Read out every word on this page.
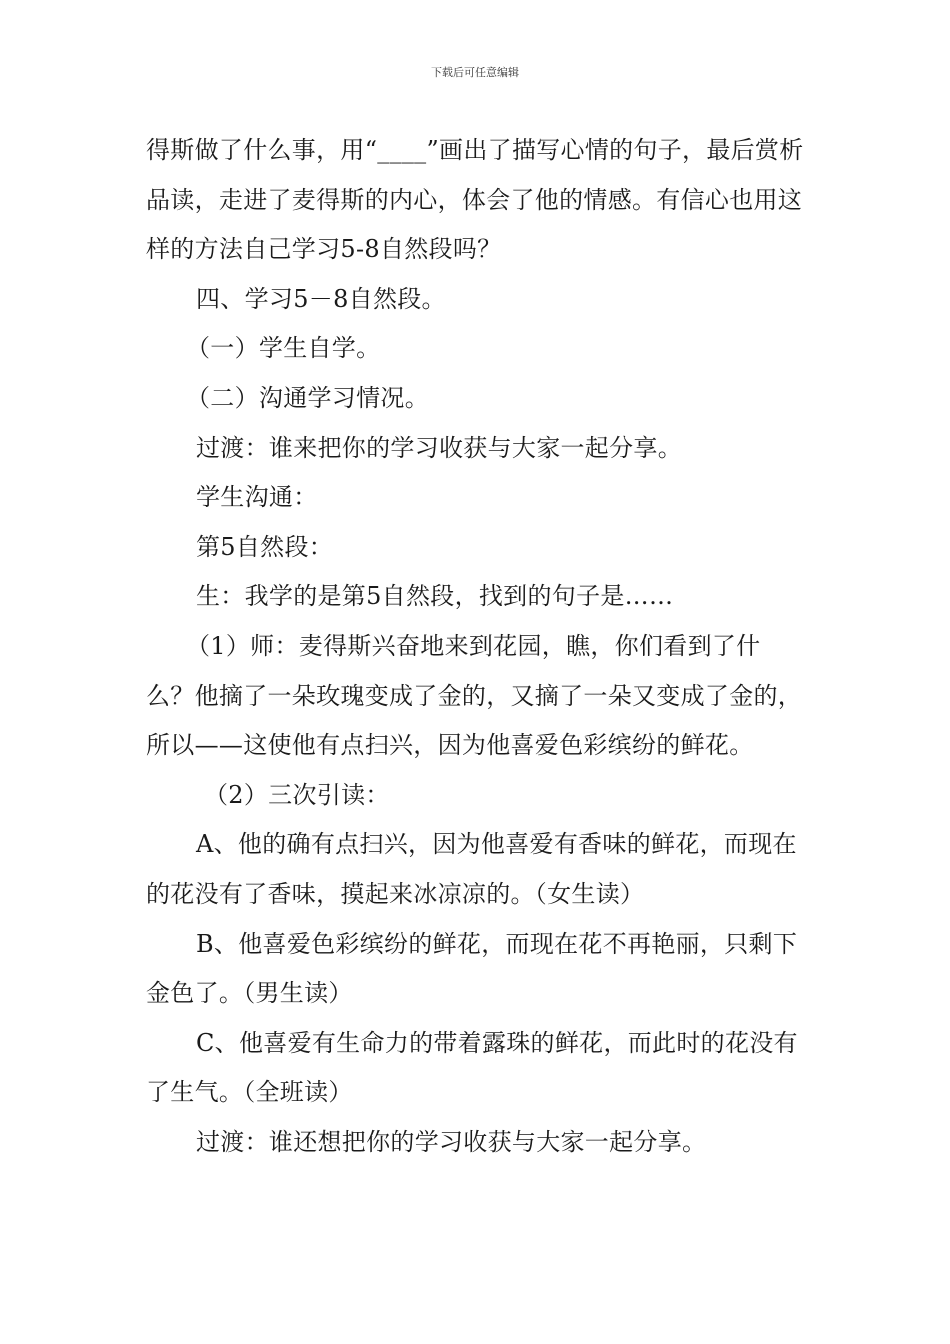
下载后可任意编辑

得斯做了什么事，用“____”画出了描写心情的句子，最后赏析品读，走进了麦得斯的内心，体会了他的情感。有信心也用这样的方法自己学习5-8自然段吗？

四、学习5－8自然段。

（一）学生自学。

（二）沟通学习情况。

过渡：谁来把你的学习收获与大家一起分享。

学生沟通：

第5自然段：

生：我学的是第5自然段，找到的句子是……

（1）师：麦得斯兴奋地来到花园，瞧，你们看到了什么？他摘了一朵玫瑰变成了金的，又摘了一朵又变成了金的，所以——这使他有点扫兴，因为他喜爱色彩缤纷的鲜花。

（2）三次引读：

A、他的确有点扫兴，因为他喜爱有香味的鲜花，而现在的花没有了香味，摸起来冰凉凉的。（女生读）

B、他喜爱色彩缤纷的鲜花，而现在花不再艳丽，只剩下金色了。（男生读）

C、他喜爱有生命力的带着露珠的鲜花，而此时的花没有了生气。（全班读）

过渡：谁还想把你的学习收获与大家一起分享。
